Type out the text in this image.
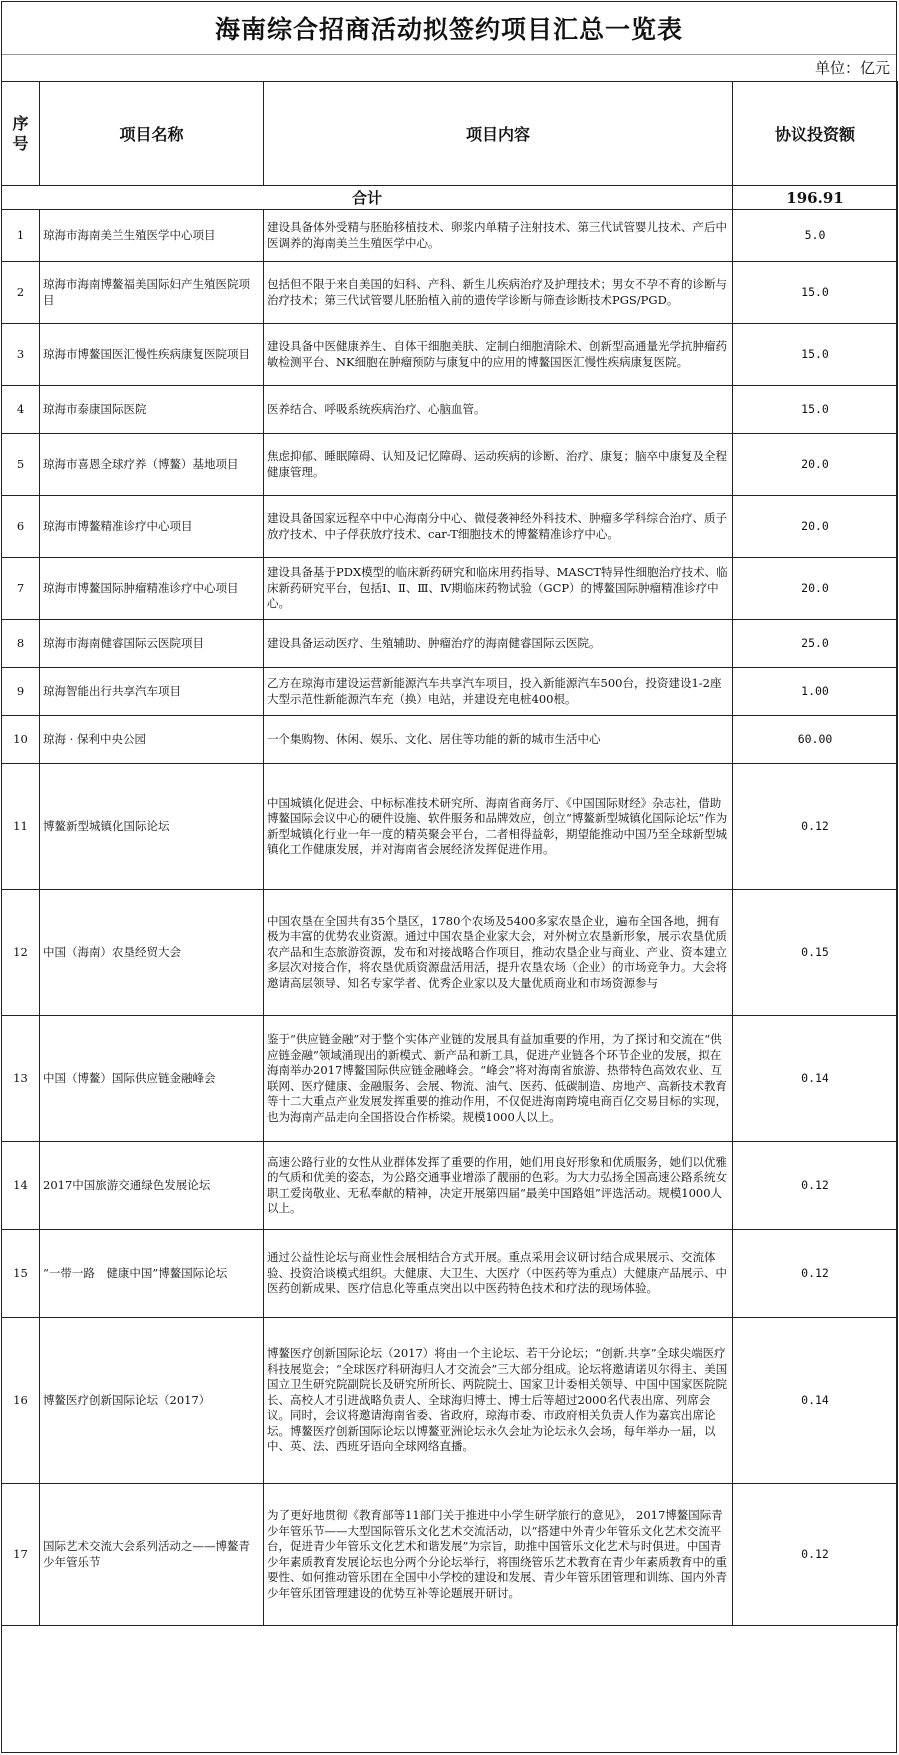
海南综合招商活动拟签约项目汇总一览表
单位：亿元
序号	项目名称	项目内容	协议投资额
合计			196.91
1	琼海市海南美兰生殖医学中心项目	建设具备体外受精与胚胎移植技术、卵浆内单精子注射技术、第三代试管婴儿技术、产后中医调养的海南美兰生殖医学中心。	5.0
2	琼海市海南博鳌福美国际妇产生殖医院项目	包括但不限于来自美国的妇科、产科、新生儿疾病治疗及护理技术；男女不孕不育的诊断与治疗技术；第三代试管婴儿胚胎植入前的遗传学诊断与筛查诊断技术PGS/PGD。	15.0
3	琼海市博鳌国医汇慢性疾病康复医院项目	建设具备中医健康养生、自体干细胞美肤、定制白细胞清除术、创新型高通量光学抗肿瘤药敏检测平台、NK细胞在肿瘤预防与康复中的应用的博鳌国医汇慢性疾病康复医院。	15.0
4	琼海市泰康国际医院	医养结合、呼吸系统疾病治疗、心脑血管。	15.0
5	琼海市喜恩全球疗养（博鳌）基地项目	焦虑抑郁、睡眠障碍、认知及记忆障碍、运动疾病的诊断、治疗、康复；脑卒中康复及全程健康管理。	20.0
6	琼海市博鳌精准诊疗中心项目	建设具备国家远程卒中中心海南分中心、微侵袭神经外科技术、肿瘤多学科综合治疗、质子放疗技术、中子俘获放疗技术、car-T细胞技术的博鳌精准诊疗中心。	20.0
7	琼海市博鳌国际肿瘤精准诊疗中心项目	建设具备基于PDX模型的临床新药研究和临床用药指导、MASCT特异性细胞治疗技术、临床新药研究平台，包括Ⅰ、Ⅱ、Ⅲ、Ⅳ期临床药物试验（GCP）的博鳌国际肿瘤精准诊疗中心。	20.0
8	琼海市海南健睿国际云医院项目	建设具备运动医疗、生殖辅助、肿瘤治疗的海南健睿国际云医院。	25.0
9	琼海智能出行共享汽车项目	乙方在琼海市建设运营新能源汽车共享汽车项目，投入新能源汽车500台，投资建设1-2座大型示范性新能源汽车充（换）电站，并建设充电桩400根。	1.00
10	琼海 · 保利中央公园	一个集购物、休闲、娱乐、文化、居住等功能的新的城市生活中心	60.00
11	博鳌新型城镇化国际论坛	中国城镇化促进会、中标标准技术研究所、海南省商务厅、《中国国际财经》杂志社，借助博鳌国际会议中心的硬件设施、软件服务和品牌效应，创立“博鳌新型城镇化国际论坛”作为新型城镇化行业一年一度的精英聚会平台，二者相得益彰，期望能推动中国乃至全球新型城镇化工作健康发展，并对海南省会展经济发挥促进作用。	0.12
12	中国（海南）农垦经贸大会	中国农垦在全国共有35个垦区，1780个农场及5400多家农垦企业，遍布全国各地，拥有极为丰富的优势农业资源。通过中国农垦企业家大会，对外树立农垦新形象，展示农垦优质农产品和生态旅游资源，发布和对接战略合作项目，推动农垦企业与商业、产业、资本建立多层次对接合作，将农垦优质资源盘活用活，提升农垦农场（企业）的市场竞争力。大会将邀请高层领导、知名专家学者、优秀企业家以及大量优质商业和市场资源参与	0.15
13	中国（博鳌）国际供应链金融峰会	鉴于“供应链金融”对于整个实体产业链的发展具有益加重要的作用，为了探讨和交流在“供应链金融”领域涌现出的新模式、新产品和新工具，促进产业链各个环节企业的发展，拟在海南举办2017博鳌国际供应链金融峰会。“峰会”将对海南省旅游、热带特色高效农业、互联网、医疗健康、金融服务、会展、物流、油气、医药、低碳制造、房地产、高新技术教育等十二大重点产业发展发挥重要的推动作用，不仅促进海南跨境电商百亿交易目标的实现，也为海南产品走向全国搭设合作桥梁。规模1000人以上。	0.14
14	2017中国旅游交通绿色发展论坛	高速公路行业的女性从业群体发挥了重要的作用，她们用良好形象和优质服务，她们以优雅的气质和优美的姿态，为公路交通事业增添了靓丽的色彩。为大力弘扬全国高速公路系统女职工爱岗敬业、无私奉献的精神，决定开展第四届“最美中国路姐”评选活动。规模1000人以上。	0.12
15	“一带一路　健康中国”博鳌国际论坛	通过公益性论坛与商业性会展相结合方式开展。重点采用会议研讨结合成果展示、交流体验、投资洽谈模式组织。大健康、大卫生、大医疗（中医药等为重点）大健康产品展示、中医药创新成果、医疗信息化等重点突出以中医药特色技术和疗法的现场体验。	0.12
16	博鳌医疗创新国际论坛（2017）	博鳌医疗创新国际论坛（2017）将由一个主论坛、若干分论坛；“创新.共享”全球尖端医疗科技展览会；“全球医疗科研海归人才交流会”三大部分组成。论坛将邀请诺贝尔得主、美国国立卫生研究院副院长及研究所所长、两院院士、国家卫计委相关领导、中国中国家医院院长、高校人才引进战略负责人、全球海归博士、博士后等超过2000名代表出席、列席会议。同时，会议将邀请海南省委、省政府，琼海市委、市政府相关负责人作为嘉宾出席论坛。博鳌医疗创新国际论坛以博鳌亚洲论坛永久会址为论坛永久会场，每年举办一届，以中、英、法、西班牙语向全球网络直播。	0.14
17	国际艺术交流大会系列活动之——博鳌青少年管乐节	为了更好地贯彻《教育部等11部门关于推进中小学生研学旅行的意见》， 2017博鳌国际青少年管乐节——大型国际管乐文化艺术交流活动，以“搭建中外青少年管乐文化艺术交流平台，促进青少年管乐文化艺术和谐发展”为宗旨，助推中国管乐文化艺术与时俱进。中国青少年素质教育发展论坛也分两个分论坛举行，将围绕管乐艺术教育在青少年素质教育中的重要性、如何推动管乐团在全国中小学校的建设和发展、青少年管乐团管理和训练、国内外青少年管乐团管理建设的优势互补等论题展开研讨。	0.12
